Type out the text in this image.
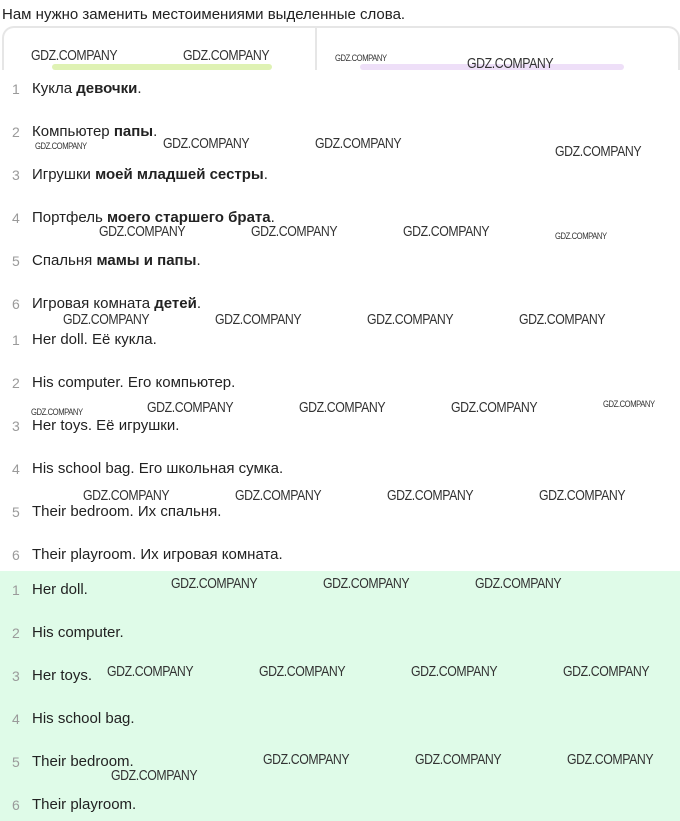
Нам нужно заменить местоимениями выделенные слова.
1 Кукла девочки.
2 Компьютер папы.
3 Игрушки моей младшей сестры.
4 Портфель моего старшего брата.
5 Спальня мамы и папы.
6 Игровая комната детей.
1 Her doll. Её кукла.
2 His computer. Его компьютер.
3 Her toys. Её игрушки.
4 His school bag. Его школьная сумка.
5 Their bedroom. Их спальня.
6 Their playroom. Их игровая комната.
1 Her doll.
2 His computer.
3 Her toys.
4 His school bag.
5 Their bedroom.
6 Their playroom.
GDZ.COMPANY	GDZ.COMPANY	GDZ.COMPANY	GDZ.COMPANY
GDZ.COMPANY	GDZ.COMPANY	GDZ.COMPANY	GDZ.COMPANY
GDZ.COMPANY	GDZ.COMPANY	GDZ.COMPANY	GDZ.COMPANY
GDZ.COMPANY	GDZ.COMPANY	GDZ.COMPANY	GDZ.COMPANY
GDZ.COMPANY	GDZ.COMPANY	GDZ.COMPANY	GDZ.COMPANY	GDZ.COMPANY
GDZ.COMPANY	GDZ.COMPANY	GDZ.COMPANY	GDZ.COMPANY
GDZ.COMPANY	GDZ.COMPANY	GDZ.COMPANY
GDZ.COMPANY	GDZ.COMPANY	GDZ.COMPANY	GDZ.COMPANY
GDZ.COMPANY	GDZ.COMPANY	GDZ.COMPANY
GDZ.COMPANY
